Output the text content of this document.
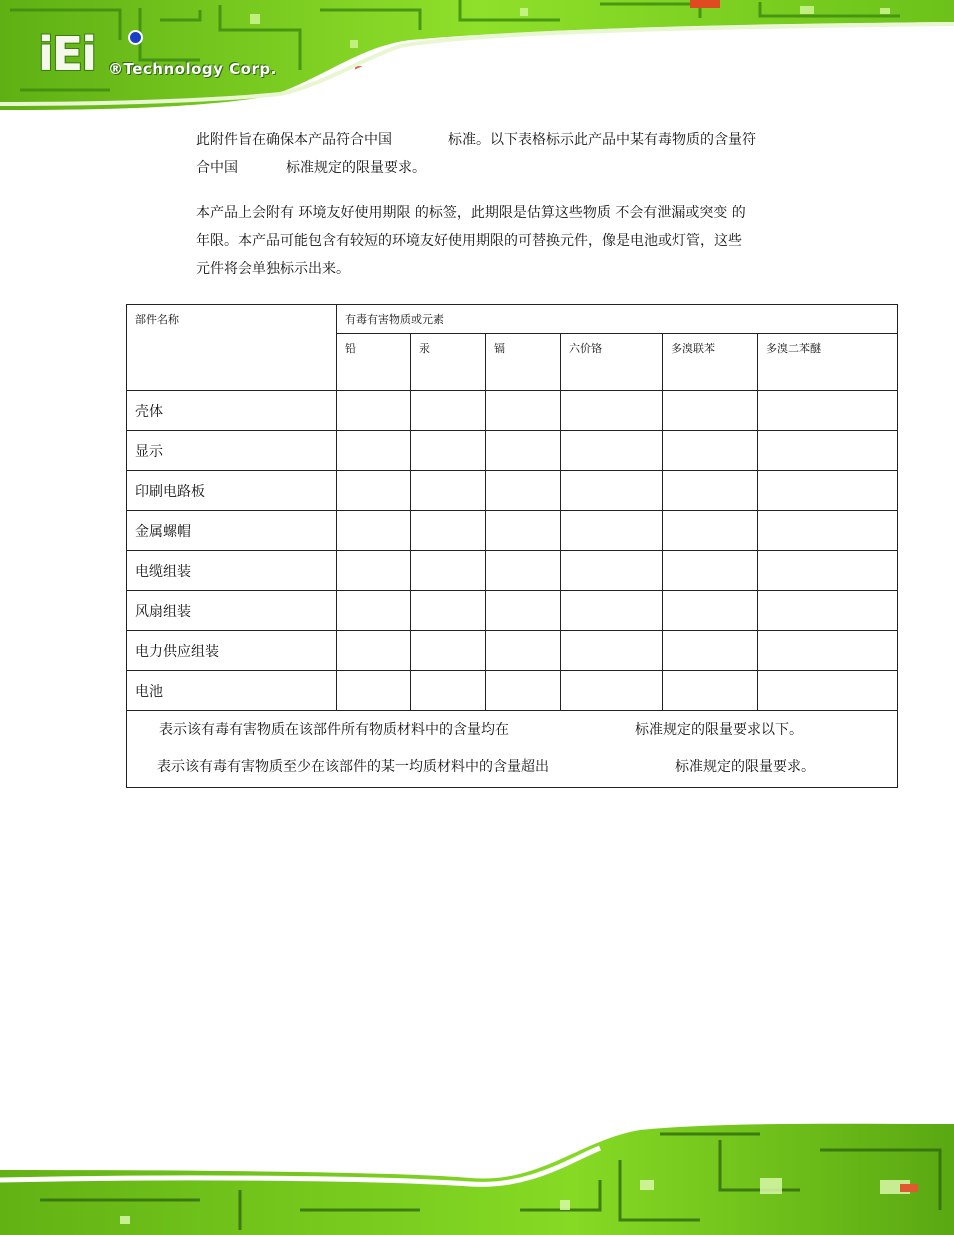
iEi ®Technology Corp.

此附件旨在确保本产品符合中国	标准。以下表格标示此产品中某有毒物质的含量符

合中国	标准规定的限量要求。

本产品上会附有 环境友好使用期限 的标签，此期限是估算这些物质 不会有泄漏或突变 的

年限。本产品可能包含有较短的环境友好使用期限的可替换元件，像是电池或灯管，这些

元件将会单独标示出来。

部件名称	有毒有害物质或元素					
	铅	汞	镉	六价铬	多溴联苯	多溴二苯醚
壳体						
显示						
印刷电路板						
金属螺帽						
电缆组装						
风扇组装						
电力供应组装						
电池						

表示该有毒有害物质在该部件所有物质材料中的含量均在 标准规定的限量要求以下。
表示该有毒有害物质至少在该部件的某一均质材料中的含量超出 标准规定的限量要求。						
